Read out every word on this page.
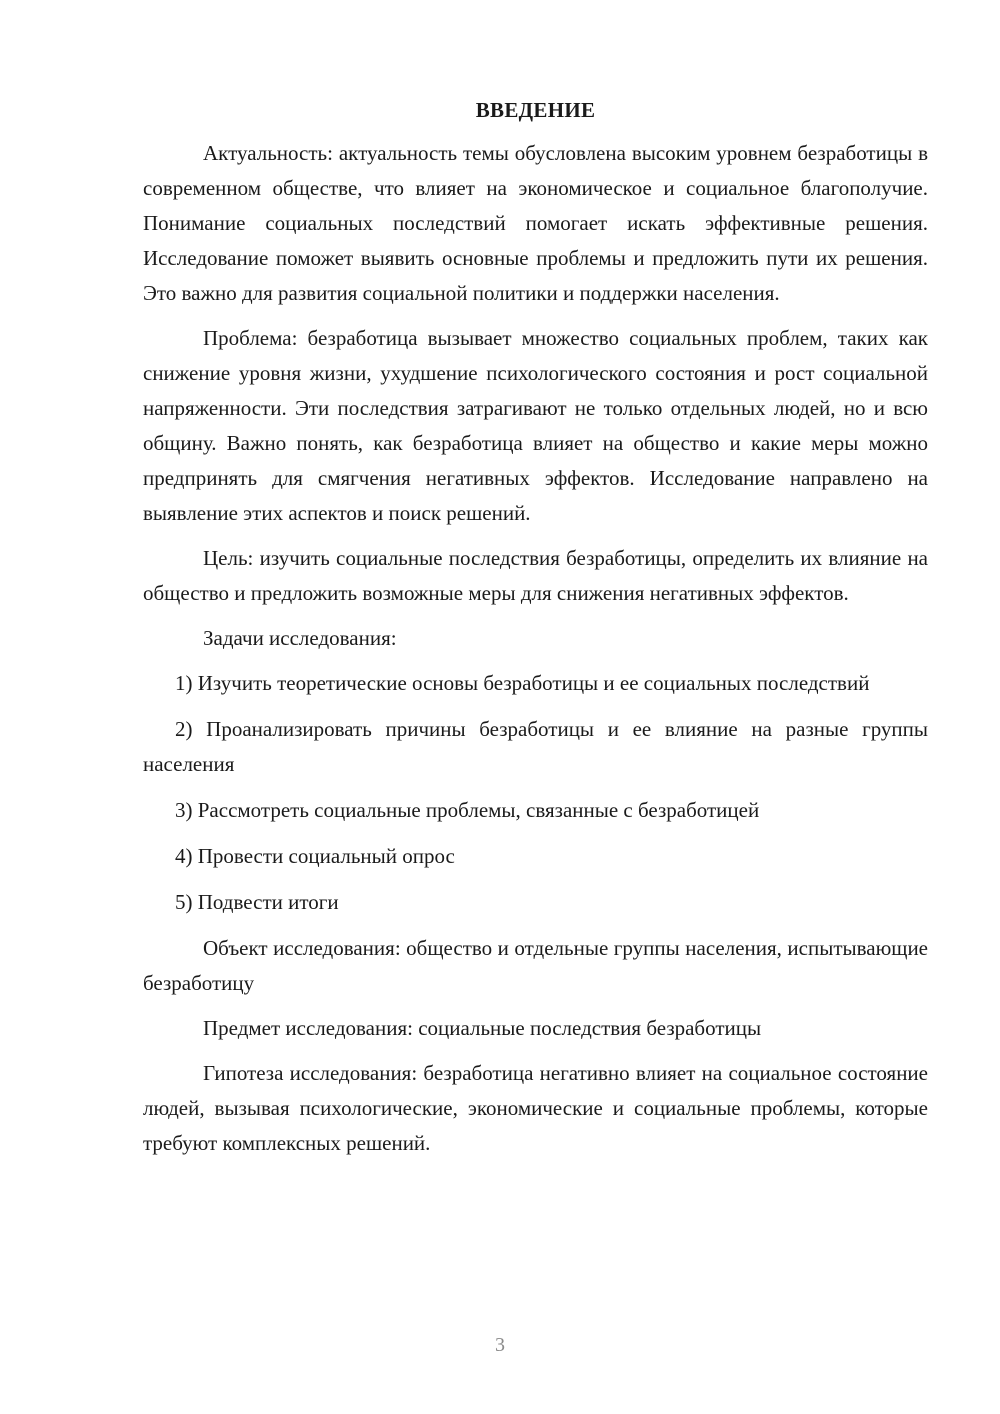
ВВЕДЕНИЕ

Актуальность: актуальность темы обусловлена высоким уровнем безработицы в современном обществе, что влияет на экономическое и социальное благополучие. Понимание социальных последствий помогает искать эффективные решения. Исследование поможет выявить основные проблемы и предложить пути их решения. Это важно для развития социальной политики и поддержки населения.

Проблема: безработица вызывает множество социальных проблем, таких как снижение уровня жизни, ухудшение психологического состояния и рост социальной напряженности. Эти последствия затрагивают не только отдельных людей, но и всю общину. Важно понять, как безработица влияет на общество и какие меры можно предпринять для смягчения негативных эффектов. Исследование направлено на выявление этих аспектов и поиск решений.

Цель: изучить социальные последствия безработицы, определить их влияние на общество и предложить возможные меры для снижения негативных эффектов.

Задачи исследования:

1) Изучить теоретические основы безработицы и ее социальных последствий

2) Проанализировать причины безработицы и ее влияние на разные группы населения

3) Рассмотреть социальные проблемы, связанные с безработицей

4) Провести социальный опрос

5) Подвести итоги

Объект исследования: общество и отдельные группы населения, испытывающие безработицу

Предмет исследования: социальные последствия безработицы

Гипотеза исследования: безработица негативно влияет на социальное состояние людей, вызывая психологические, экономические и социальные проблемы, которые требуют комплексных решений.

3
